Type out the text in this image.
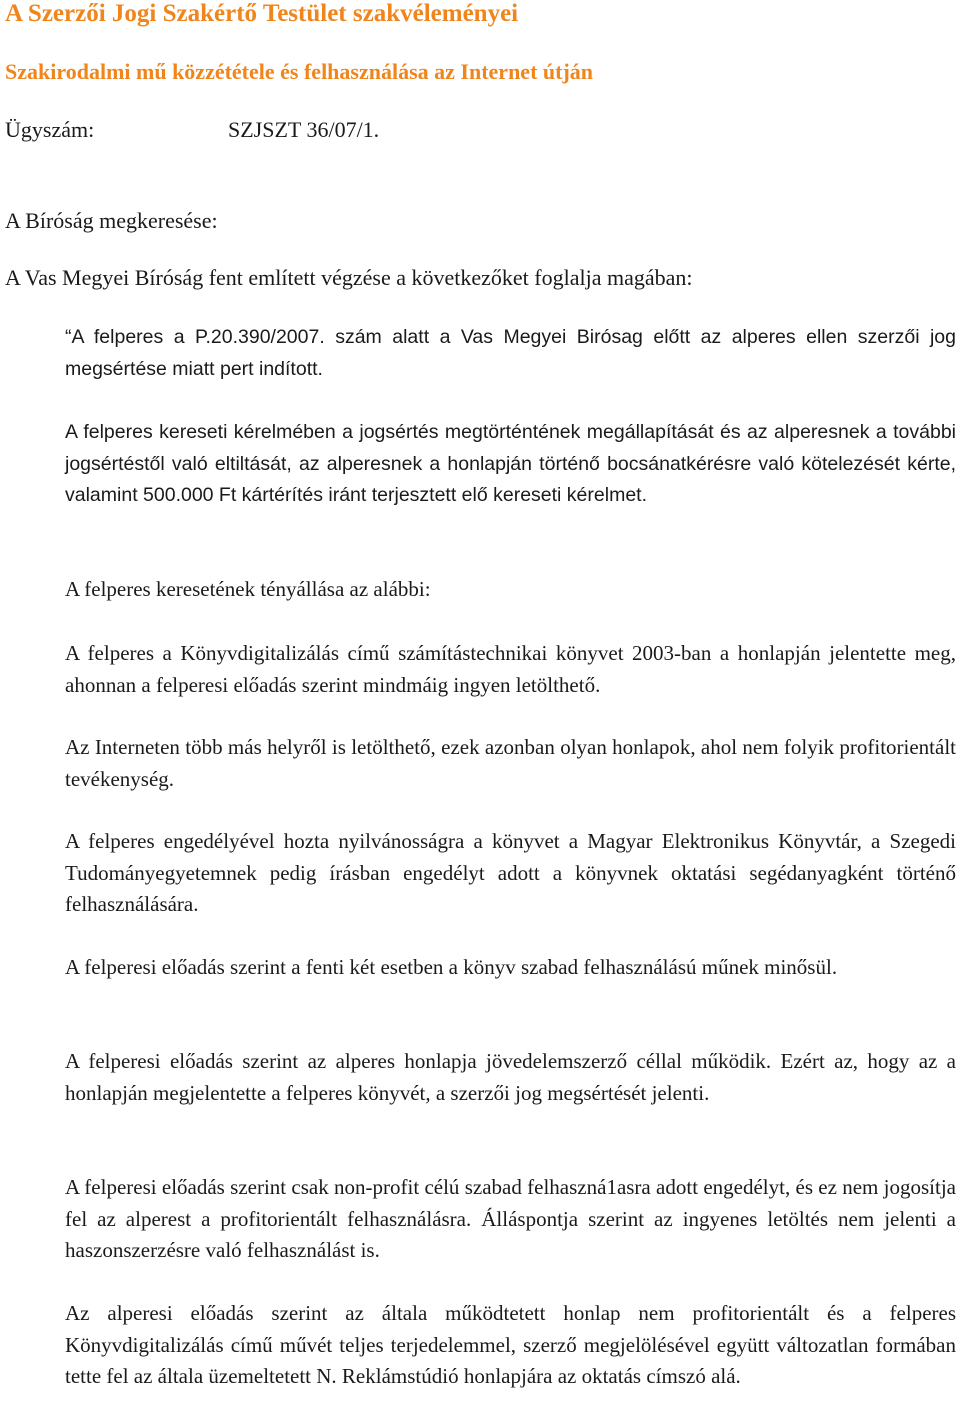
A Szerzői Jogi Szakértő Testület szakvéleményei
Szakirodalmi mű közzététele és felhasználása az Internet útján
Ügyszám:	SZJSZT 36/07/1.
A Bíróság megkeresése:
A Vas Megyei Bíróság fent említett végzése a következőket foglalja magában:

“A felperes a P.20.390/2007. szám alatt a Vas Megyei Birósag előtt az alperes ellen szerzői jog megsértése miatt pert indított.

A felperes kereseti kérelmében a jogsértés megtörténtének megállapítását és az alperesnek a további jogsértéstől való eltiltását, az alperesnek a honlapján történő bocsánatkérésre való kötelezését kérte, valamint 500.000 Ft kártérítés iránt terjesztett elő kereseti kérelmet.

A felperes keresetének tényállása az alábbi:

A felperes a Könyvdigitalizálás című számítástechnikai könyvet 2003-ban a honlapján jelentette meg, ahonnan a felperesi előadás szerint mindmáig ingyen letölthető.

Az Interneten több más helyről is letölthető, ezek azonban olyan honlapok, ahol nem folyik profitorientált tevékenység.

A felperes engedélyével hozta nyilvánosságra a könyvet a Magyar Elektronikus Könyvtár, a Szegedi Tudományegyetemnek pedig írásban engedélyt adott a könyvnek oktatási segédanyagként történő felhasználására.

A felperesi előadás szerint a fenti két esetben a könyv szabad felhasználású műnek minősül.

A felperesi előadás szerint az alperes honlapja jövedelemszerző céllal működik. Ezért az, hogy az a honlapján megjelentette a felperes könyvét, a szerzői jog megsértését jelenti.

A felperesi előadás szerint csak non-profit célú szabad felhaszná1asra adott engedélyt, és ez nem jogosítja fel az alperest a profitorientált felhasználásra. Álláspontja szerint az ingyenes letöltés nem jelenti a haszonszerzésre való felhasználást is.

Az alperesi előadás szerint az általa működtetett honlap nem profitorientált és a felperes Könyvdigitalizálás című művét teljes terjedelemmel, szerző megjelölésével együtt változatlan formában tette fel az általa üzemeltetett N. Reklámstúdió honlapjára az oktatás címszó alá.
